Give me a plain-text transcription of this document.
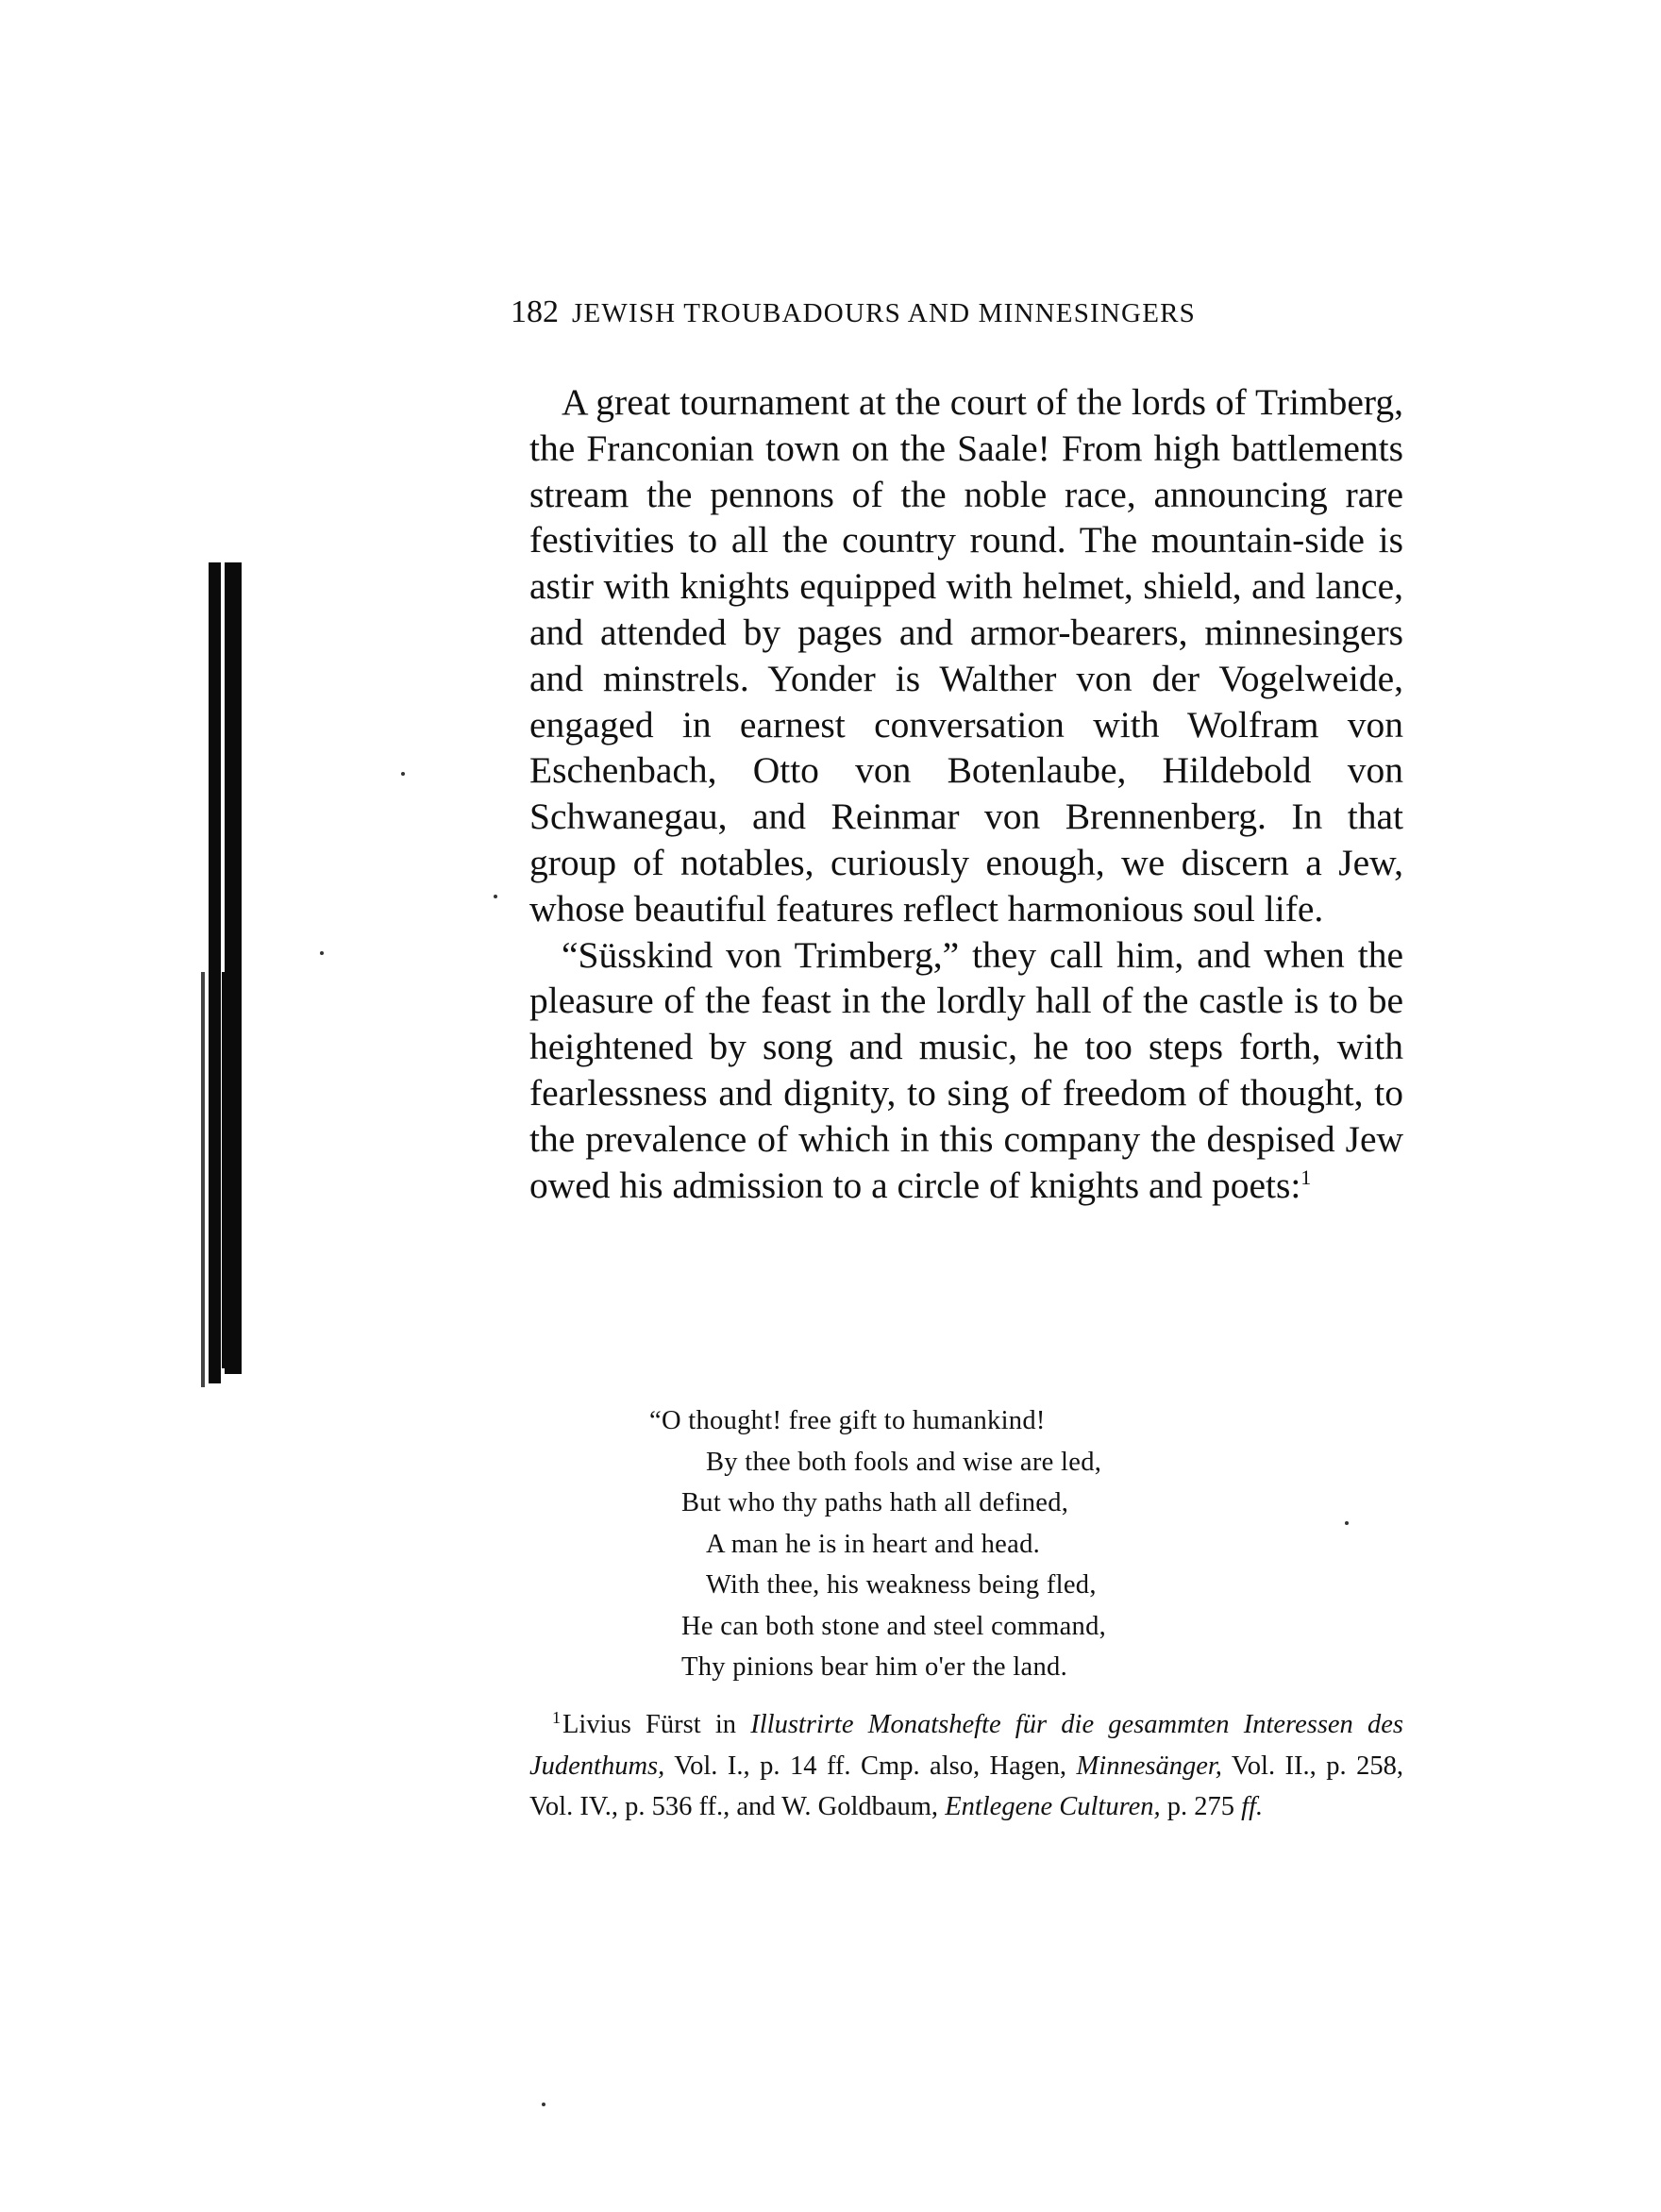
182 JEWISH TROUBADOURS AND MINNESINGERS

A great tournament at the court of the lords of Trimberg, the Franconian town on the Saale! From high battlements stream the pennons of the noble race, announcing rare festivities to all the country round. The mountain-side is astir with knights equipped with helmet, shield, and lance, and attended by pages and armor-bearers, minnesingers and minstrels. Yonder is Walther von der Vogelweide, engaged in earnest conversation with Wolfram von Eschenbach, Otto von Botenlaube, Hildebold von Schwanegau, and Reinmar von Brennenberg. In that group of notables, curiously enough, we discern a Jew, whose beautiful features reflect harmonious soul life.

“Süsskind von Trimberg,” they call him, and when the pleasure of the feast in the lordly hall of the castle is to be heightened by song and music, he too steps forth, with fearlessness and dignity, to sing of freedom of thought, to the prevalence of which in this company the despised Jew owed his admission to a circle of knights and poets:$^1$

“O thought! free gift to humankind!
By thee both fools and wise are led,
But who thy paths hath all defined,
A man he is in heart and head.
With thee, his weakness being fled,
He can both stone and steel command,
Thy pinions bear him o'er the land.

$^1$Livius Fürst in Illustrirte Monatshefte für die gesammten Interessen des Judenthums, Vol. I., p. 14 ff. Cmp. also, Hagen, Minnesänger, Vol. II., p. 258, Vol. IV., p. 536 ff., and W. Goldbaum, Entlegene Culturen, p. 275 ff.
